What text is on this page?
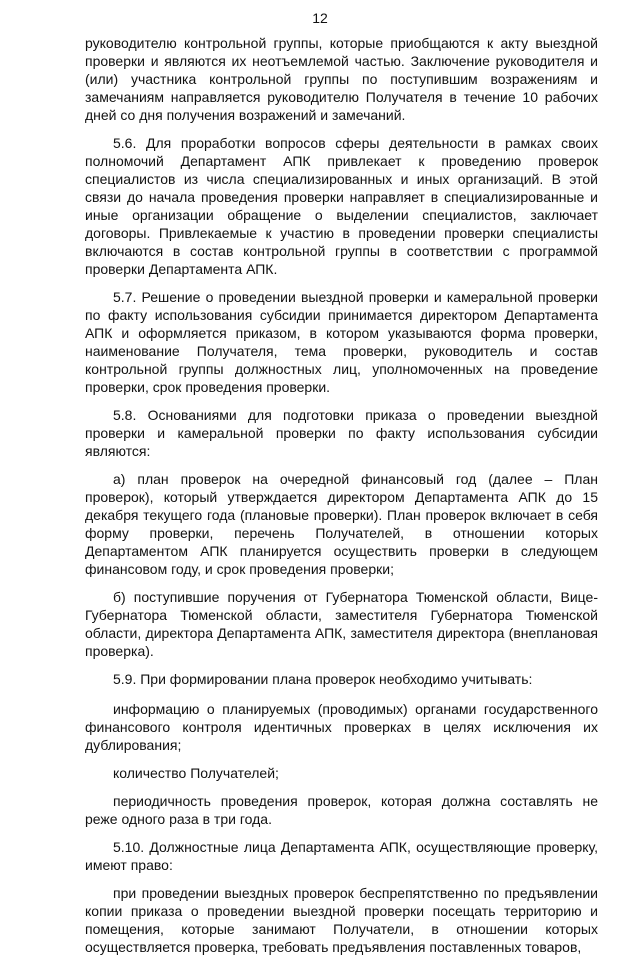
12

руководителю контрольной группы, которые приобщаются к акту выездной проверки и являются их неотъемлемой частью. Заключение руководителя и (или) участника контрольной группы по поступившим возражениям и замечаниям направляется руководителю Получателя в течение 10 рабочих дней со дня получения возражений и замечаний.

5.6. Для проработки вопросов сферы деятельности в рамках своих полномочий Департамент АПК привлекает к проведению проверок специалистов из числа специализированных и иных организаций. В этой связи до начала проведения проверки направляет в специализированные и иные организации обращение о выделении специалистов, заключает договоры. Привлекаемые к участию в проведении проверки специалисты включаются в состав контрольной группы в соответствии с программой проверки Департамента АПК.

5.7. Решение о проведении выездной проверки и камеральной проверки по факту использования субсидии принимается директором Департамента АПК и оформляется приказом, в котором указываются форма проверки, наименование Получателя, тема проверки, руководитель и состав контрольной группы должностных лиц, уполномоченных на проведение проверки, срок проведения проверки.

5.8. Основаниями для подготовки приказа о проведении выездной проверки и камеральной проверки по факту использования субсидии являются:

а) план проверок на очередной финансовый год (далее – План проверок), который утверждается директором Департамента АПК до 15 декабря текущего года (плановые проверки). План проверок включает в себя форму проверки, перечень Получателей, в отношении которых Департаментом АПК планируется осуществить проверки в следующем финансовом году, и срок проведения проверки;

б) поступившие поручения от Губернатора Тюменской области, Вице-Губернатора Тюменской области, заместителя Губернатора Тюменской области, директора Департамента АПК, заместителя директора (внеплановая проверка).

5.9. При формировании плана проверок необходимо учитывать:

информацию о планируемых (проводимых) органами государственного финансового контроля идентичных проверках в целях исключения их дублирования;

количество Получателей;

периодичность проведения проверок, которая должна составлять не реже одного раза в три года.

5.10. Должностные лица Департамента АПК, осуществляющие проверку, имеют право:

при проведении выездных проверок беспрепятственно по предъявлении копии приказа о проведении выездной проверки посещать территорию и помещения, которые занимают Получатели, в отношении которых осуществляется проверка, требовать предъявления поставленных товаров,
